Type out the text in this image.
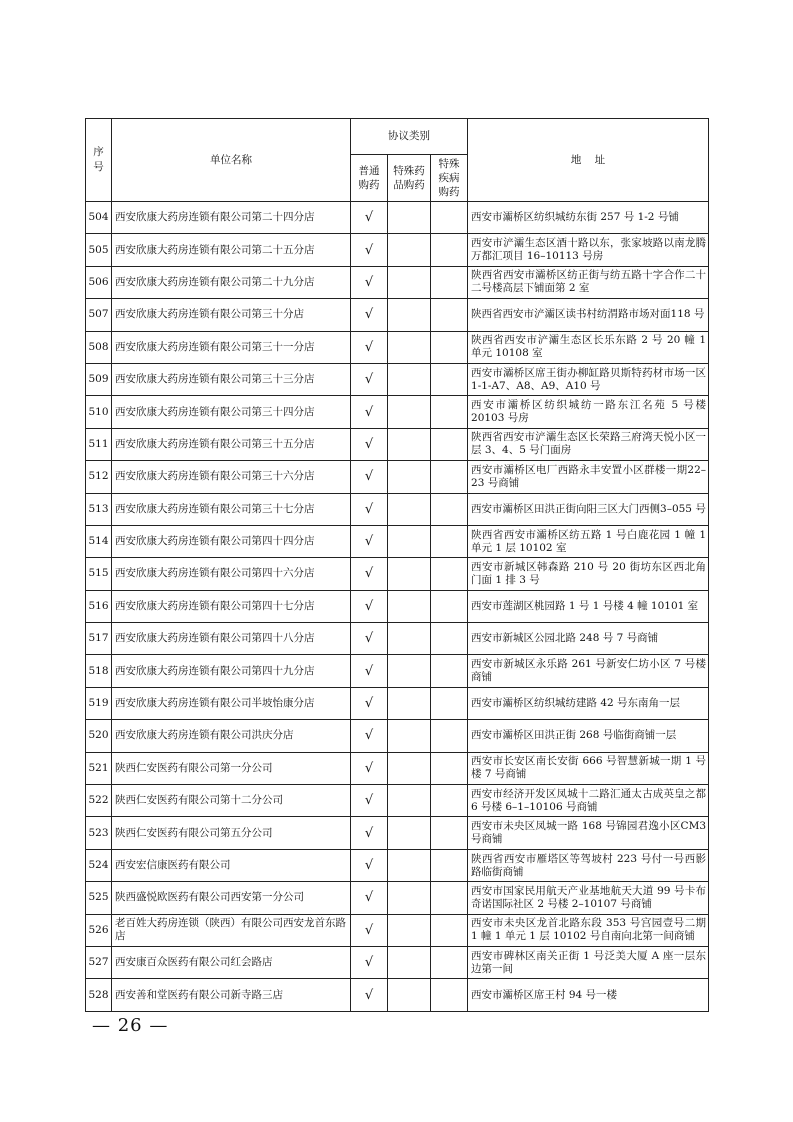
序号	单位名称	协议类别			地    址
		普通购药	特殊药品购药	特殊疾病购药	
504	西安欣康大药房连锁有限公司第二十四分店	√			西安市灞桥区纺织城纺东街 257 号 1-2 号铺
505	西安欣康大药房连锁有限公司第二十五分店	√			西安市浐灞生态区酒十路以东，张家坡路以南龙腾万都汇项目 16–10113 号房
506	西安欣康大药房连锁有限公司第二十九分店	√			陕西省西安市灞桥区纺正街与纺五路十字合作二十二号楼高层下铺面第 2 室
507	西安欣康大药房连锁有限公司第三十分店	√			陕西省西安市浐灞区读书村纺渭路市场对面118 号
508	西安欣康大药房连锁有限公司第三十一分店	√			陕西省西安市浐灞生态区长乐东路 2 号 20 幢 1 单元 10108 室
509	西安欣康大药房连锁有限公司第三十三分店	√			西安市灞桥区席王街办柳缸路贝斯特药材市场一区 1-1-A7、A8、A9、A10 号
510	西安欣康大药房连锁有限公司第三十四分店	√			西安市灞桥区纺织城纺一路东江名苑 5 号楼20103 号房
511	西安欣康大药房连锁有限公司第三十五分店	√			陕西省西安市浐灞生态区长荣路三府湾天悦小区一层 3、4、5 号门面房
512	西安欣康大药房连锁有限公司第三十六分店	√			西安市灞桥区电厂西路永丰安置小区群楼一期22–23 号商铺
513	西安欣康大药房连锁有限公司第三十七分店	√			西安市灞桥区田洪正街向阳三区大门西侧3–055 号
514	西安欣康大药房连锁有限公司第四十四分店	√			陕西省西安市灞桥区纺五路 1 号白鹿花园 1 幢 1 单元 1 层 10102 室
515	西安欣康大药房连锁有限公司第四十六分店	√			西安市新城区韩森路 210 号 20 街坊东区西北角门面 1 排 3 号
516	西安欣康大药房连锁有限公司第四十七分店	√			西安市莲湖区桃园路 1 号 1 号楼 4 幢 10101 室
517	西安欣康大药房连锁有限公司第四十八分店	√			西安市新城区公园北路 248 号 7 号商铺
518	西安欣康大药房连锁有限公司第四十九分店	√			西安市新城区永乐路 261 号新安仁坊小区 7 号楼商铺
519	西安欣康大药房连锁有限公司半坡怡康分店	√			西安市灞桥区纺织城纺建路 42 号东南角一层
520	西安欣康大药房连锁有限公司洪庆分店	√			西安市灞桥区田洪正街 268 号临街商铺一层
521	陕西仁安医药有限公司第一分公司	√			西安市长安区南长安街 666 号智慧新城一期 1 号楼 7 号商铺
522	陕西仁安医药有限公司第十二分公司	√			西安市经济开发区凤城十二路汇通太古成英皇之都 6 号楼 6–1–10106 号商铺
523	陕西仁安医药有限公司第五分公司	√			西安市未央区凤城一路 168 号锦园君逸小区CM3 号商铺
524	西安宏信康医药有限公司	√			陕西省西安市雁塔区等驾坡村 223 号付一号西影路临街商铺
525	陕西盛悦欧医药有限公司西安第一分公司	√			西安市国家民用航天产业基地航天大道 99 号卡布奇诺国际社区 2 号楼 2–10107 号商铺
526	老百姓大药房连锁（陕西）有限公司西安龙首东路店	√			西安市未央区龙首北路东段 353 号宫园壹号二期 1 幢 1 单元 1 层 10102 号自南向北第一间商铺
527	西安康百众医药有限公司红会路店	√			西安市碑林区南关正街 1 号泛美大厦 A 座一层东边第一间
528	西安善和堂医药有限公司新寺路三店	√			西安市灞桥区席王村 94 号一楼
— 26 —
